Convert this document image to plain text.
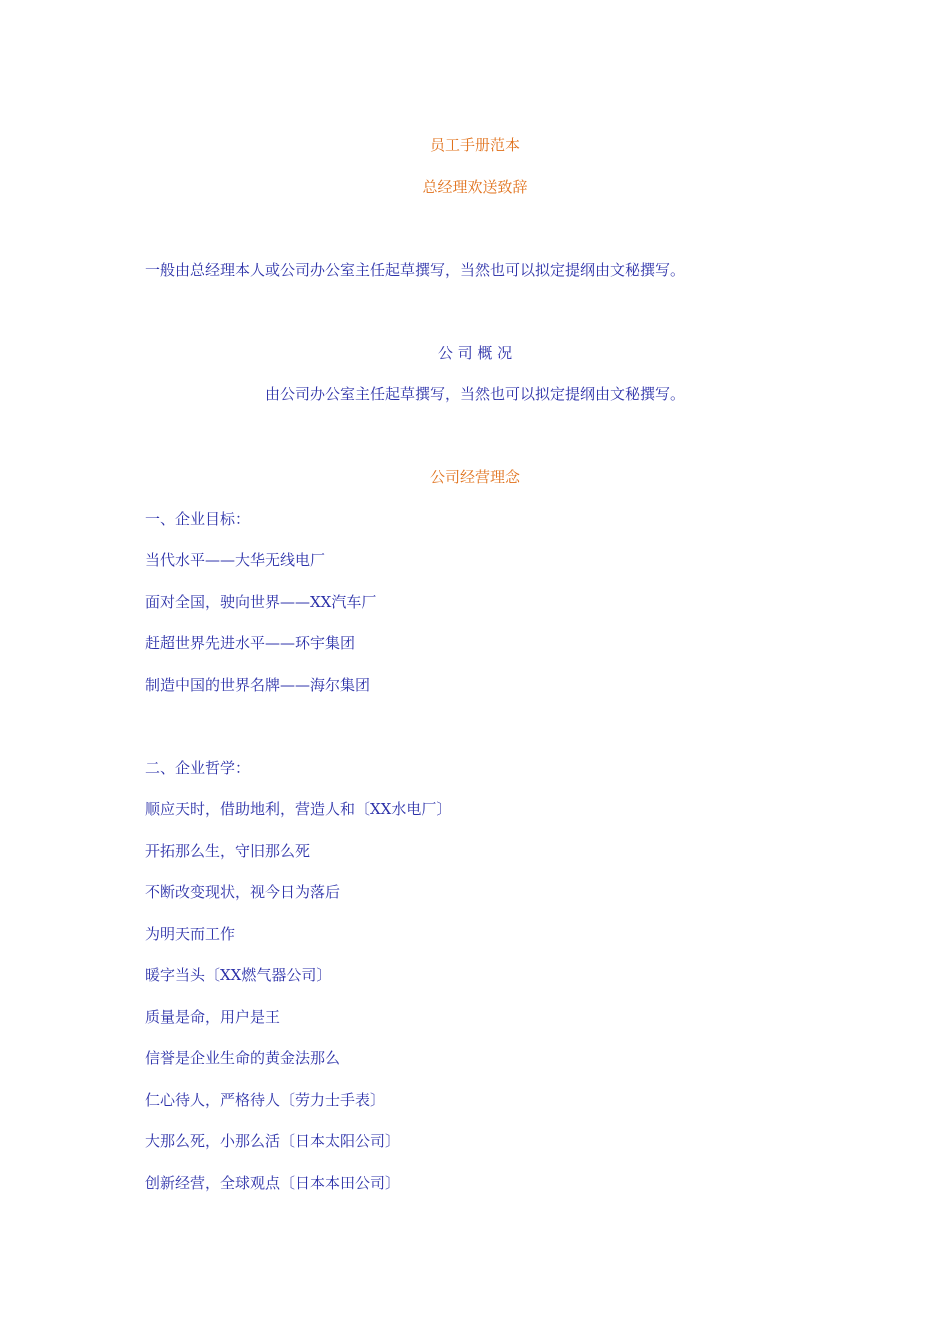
员工手册范本
总经理欢送致辞
一般由总经理本人或公司办公室主任起草撰写，当然也可以拟定提纲由文秘撰写。
公 司 概 况
由公司办公室主任起草撰写，当然也可以拟定提纲由文秘撰写。
公司经营理念
一、企业目标：
当代水平——大华无线电厂
面对全国，驶向世界——XX汽车厂
赶超世界先进水平——环宇集团
制造中国的世界名牌——海尔集团
二、企业哲学：
顺应天时，借助地利，营造人和〔XX水电厂〕
开拓那么生，守旧那么死
不断改变现状，视今日为落后
为明天而工作
暖字当头〔XX燃气器公司〕
质量是命，用户是王
信誉是企业生命的黄金法那么
仁心待人，严格待人〔劳力士手表〕
大那么死，小那么活〔日本太阳公司〕
创新经营，全球观点〔日本本田公司〕
